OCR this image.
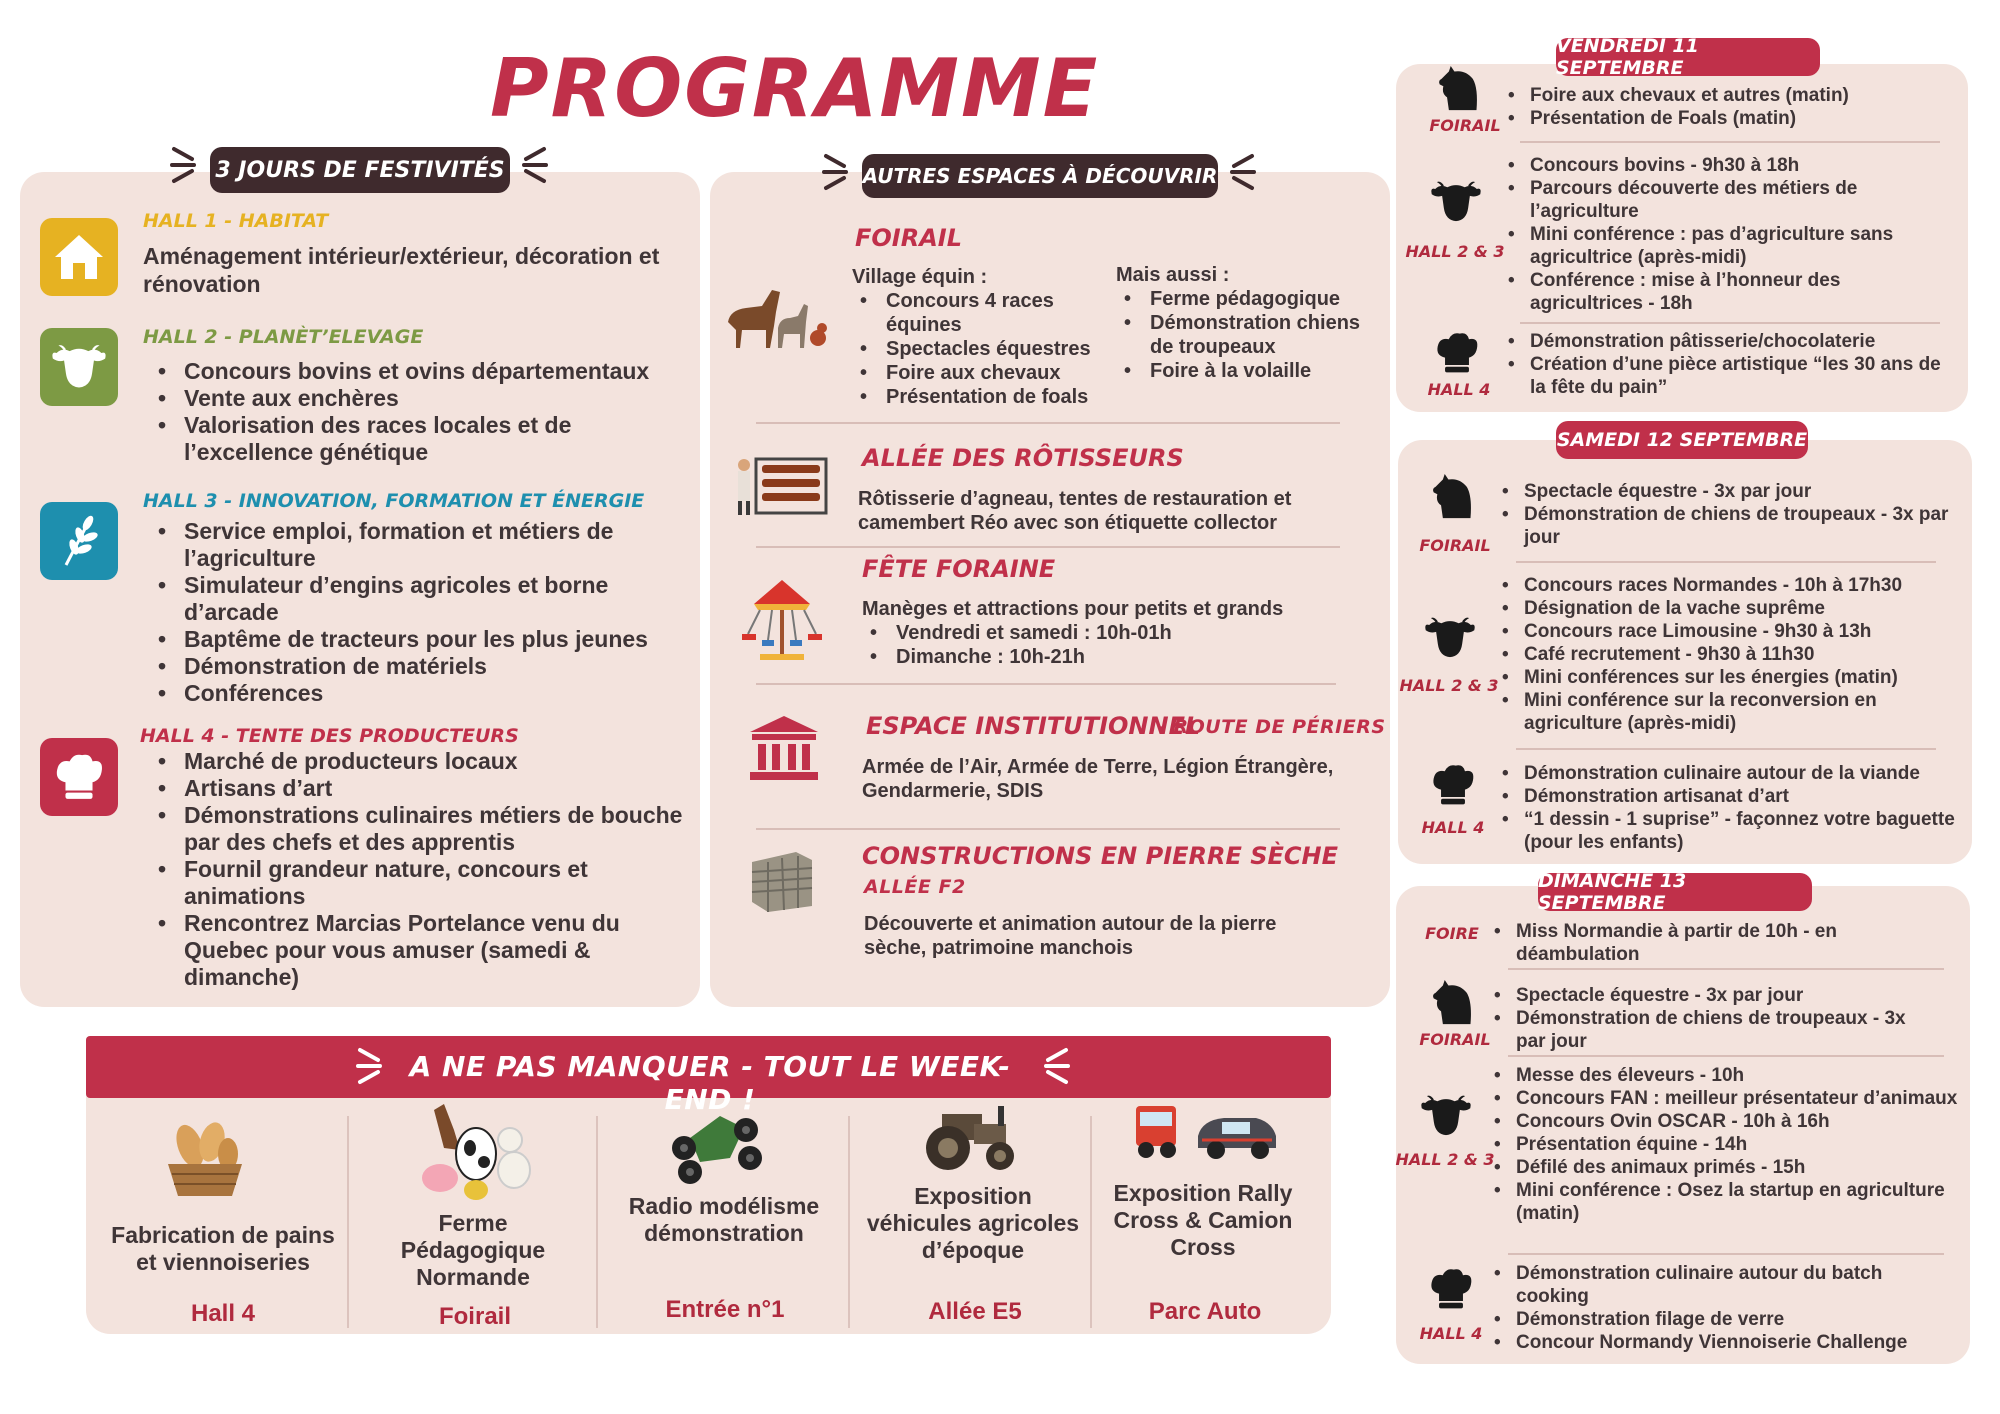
PROGRAMME
3 JOURS DE FESTIVITÉS
HALL 1 - HABITAT
Aménagement intérieur/extérieur, décoration et rénovation
HALL 2 - PLANÈT’ELEVAGE
• Concours bovins et ovins départementaux
• Vente aux enchères
• Valorisation des races locales et de l’excellence génétique
HALL 3 - INNOVATION, FORMATION ET ÉNERGIE
• Service emploi, formation et métiers de l’agriculture
• Simulateur d’engins agricoles et borne d’arcade
• Baptême de tracteurs pour les plus jeunes
• Démonstration de matériels
• Conférences
HALL 4 - TENTE DES PRODUCTEURS
• Marché de producteurs locaux
• Artisans d’art
• Démonstrations culinaires métiers de bouche par des chefs et des apprentis
• Fournil grandeur nature, concours et animations
• Rencontrez Marcias Portelance venu du Quebec pour vous amuser (samedi & dimanche)
AUTRES ESPACES À DÉCOUVRIR
FOIRAIL
Village équin :
• Concours 4 races équines
• Spectacles équestres
• Foire aux chevaux
• Présentation de foals
Mais aussi :
• Ferme pédagogique
• Démonstration chiens de troupeaux
• Foire à la volaille
ALLÉE DES RÔTISSEURS
Rôtisserie d’agneau, tentes de restauration et camembert Réo avec son étiquette collector
FÊTE FORAINE
Manèges et attractions pour petits et grands
• Vendredi et samedi : 10h-01h
• Dimanche : 10h-21h
ESPACE INSTITUTIONNEL
- ROUTE DE PÉRIERS
Armée de l’Air, Armée de Terre, Légion Étrangère, Gendarmerie, SDIS
CONSTRUCTIONS EN PIERRE SÈCHE
ALLÉE F2
Découverte et animation autour de la pierre sèche, patrimoine manchois
A NE PAS MANQUER - TOUT LE WEEK-END !
Fabrication de pains et viennoiseries
Hall 4
Ferme Pédagogique Normande
Foirail
Radio modélisme démonstration
Entrée n°1
Exposition véhicules agricoles d’époque
Allée E5
Exposition Rally Cross & Camion Cross
Parc Auto
VENDREDI 11 SEPTEMBRE
FOIRAIL
• Foire aux chevaux et autres (matin)
• Présentation de Foals (matin)
HALL 2 & 3
• Concours bovins - 9h30 à 18h
• Parcours découverte des métiers de l’agriculture
• Mini conférence : pas d’agriculture sans agricultrice (après-midi)
• Conférence : mise à l’honneur des agricultrices - 18h
HALL 4
• Démonstration pâtisserie/chocolaterie
• Création d’une pièce artistique “les 30 ans de la fête du pain”
SAMEDI 12 SEPTEMBRE
FOIRAIL
• Spectacle équestre - 3x par jour
• Démonstration de chiens de troupeaux - 3x par jour
HALL 2 & 3
• Concours races Normandes - 10h à 17h30
• Désignation de la vache suprême
• Concours race Limousine - 9h30 à 13h
• Café recrutement - 9h30 à 11h30
• Mini conférences sur les énergies (matin)
• Mini conférence sur la reconversion en agriculture (après-midi)
HALL 4
• Démonstration culinaire autour de la viande
• Démonstration artisanat d’art
• “1 dessin - 1 suprise” - façonnez votre baguette (pour les enfants)
DIMANCHE 13 SEPTEMBRE
FOIRE
•	Miss Normandie à partir de 10h - en déambulation
FOIRAIL
• Spectacle équestre - 3x par jour
• Démonstration de chiens de troupeaux - 3x par jour
HALL 2 & 3
• Messe des éleveurs - 10h
• Concours FAN : meilleur présentateur d’animaux
• Concours Ovin OSCAR - 10h à 16h
• Présentation équine - 14h
• Défilé des animaux primés - 15h
• Mini conférence : Osez la startup en agriculture (matin)
HALL 4
• Démonstration culinaire autour du batch cooking
• Démonstration filage de verre
• Concour Normandy Viennoiserie Challenge
